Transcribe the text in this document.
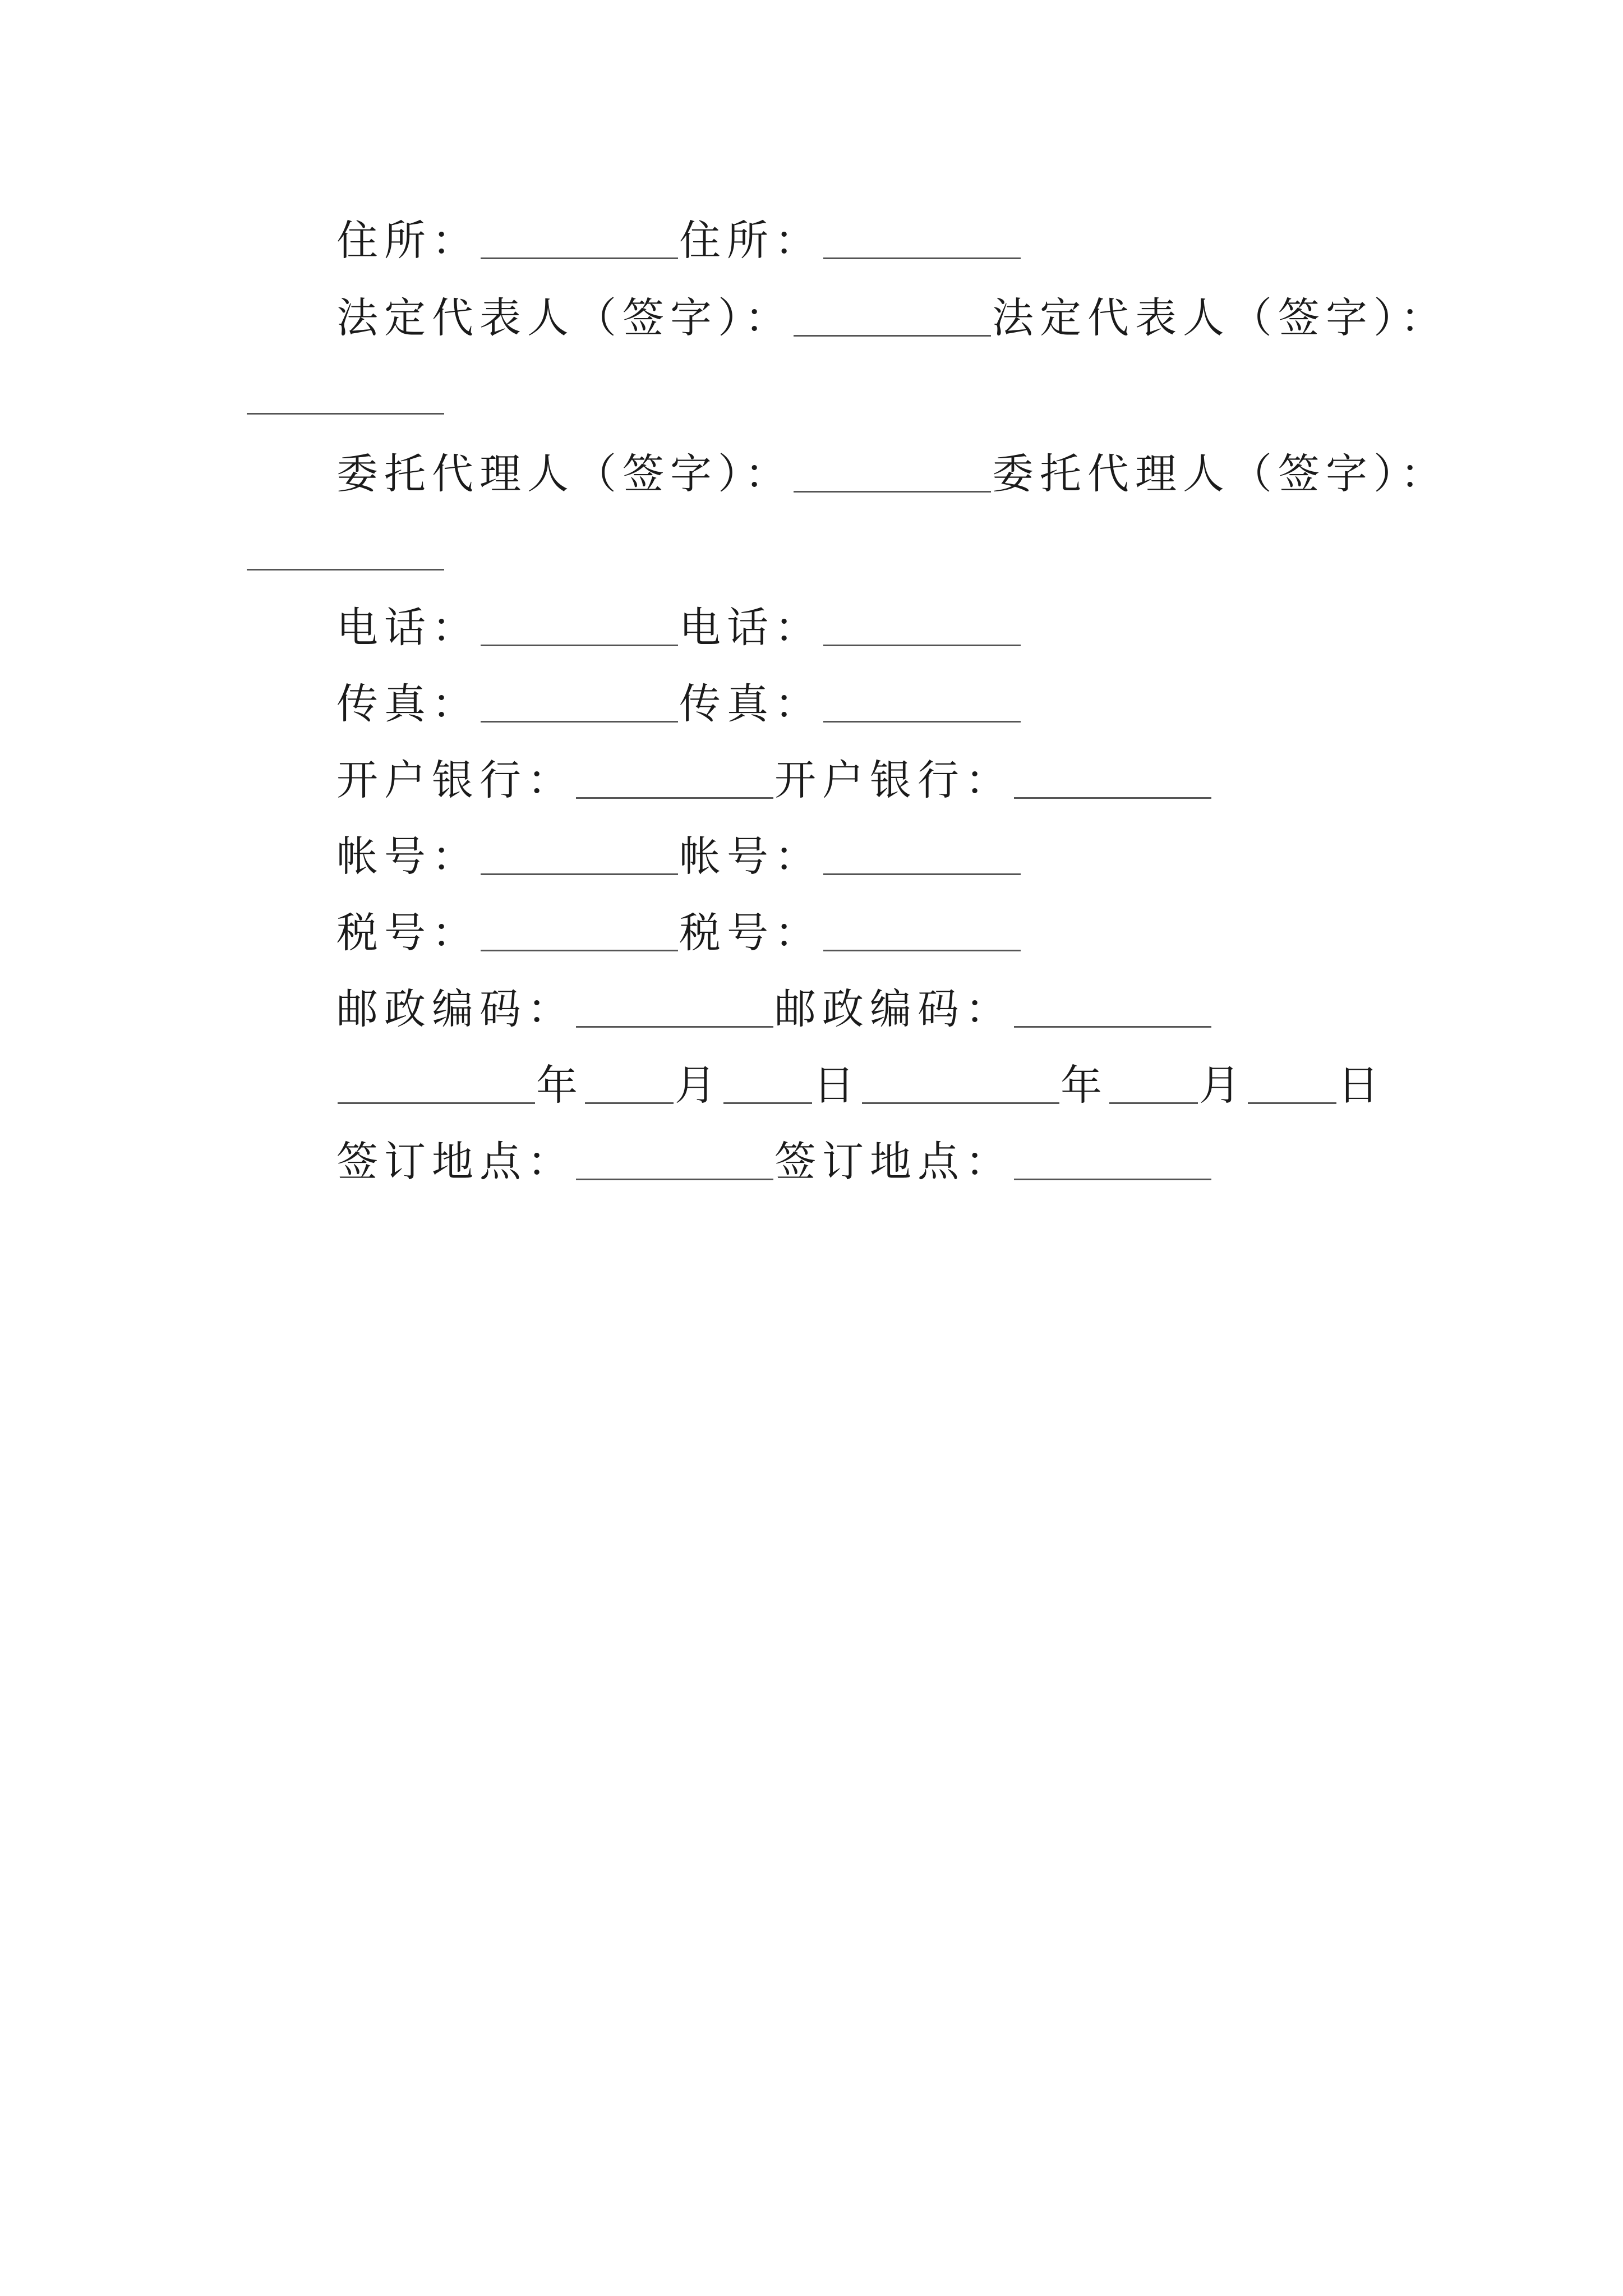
住所：	住所：
法定代表人（签字）：	法定代表人（签字）：
委托代理人（签字）：	委托代理人（签字）：
电话：	电话：
传真：	传真：
开户银行：	开户银行：
帐号：	帐号：
税号：	税号：
邮政编码：	邮政编码：
年 月 日	年 月 日
签订地点：	签订地点：
